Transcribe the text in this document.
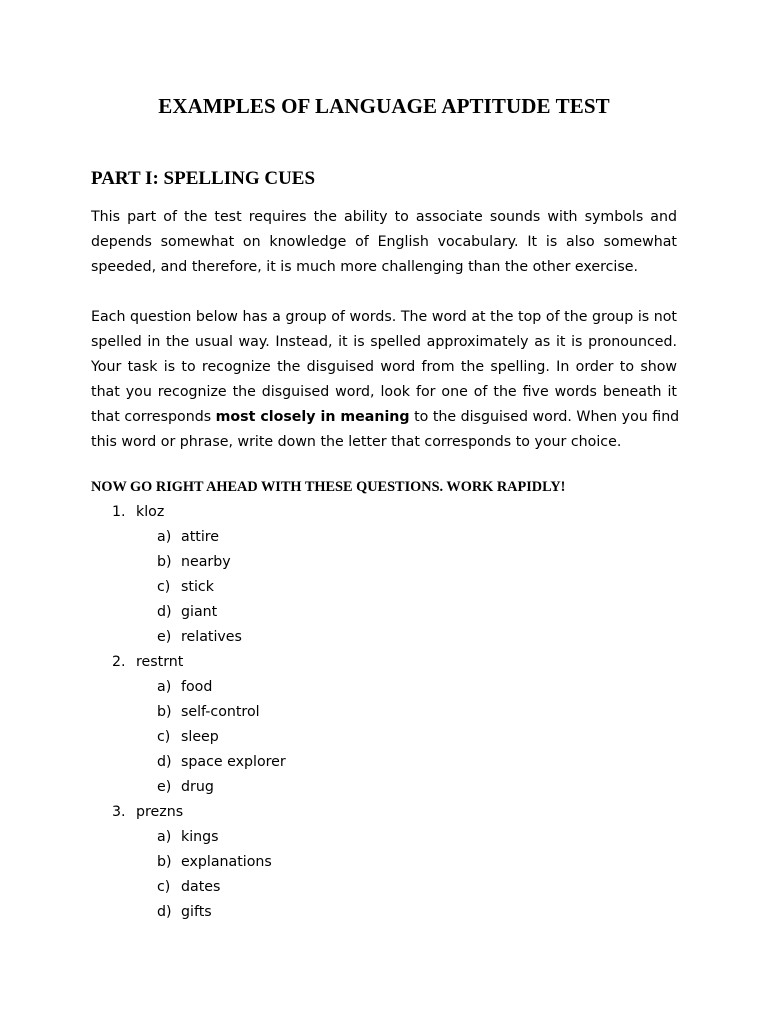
EXAMPLES OF LANGUAGE APTITUDE TEST
PART I: SPELLING CUES
This part of the test requires the ability to associate sounds with symbols and
depends somewhat on knowledge of English vocabulary. It is also somewhat
speeded, and therefore, it is much more challenging than the other exercise.
Each question below has a group of words. The word at the top of the group is not
spelled in the usual way. Instead, it is spelled approximately as it is pronounced.
Your task is to recognize the disguised word from the spelling. In order to show
that you recognize the disguised word, look for one of the five words beneath it
that corresponds most closely in meaning to the disguised word. When you find
this word or phrase, write down the letter that corresponds to your choice.
NOW GO RIGHT AHEAD WITH THESE QUESTIONS. WORK RAPIDLY!
1. kloz
a) attire
b) nearby
c) stick
d) giant
e) relatives
2. restrnt
a) food
b) self-control
c) sleep
d) space explorer
e) drug
3. prezns
a) kings
b) explanations
c) dates
d) gifts
